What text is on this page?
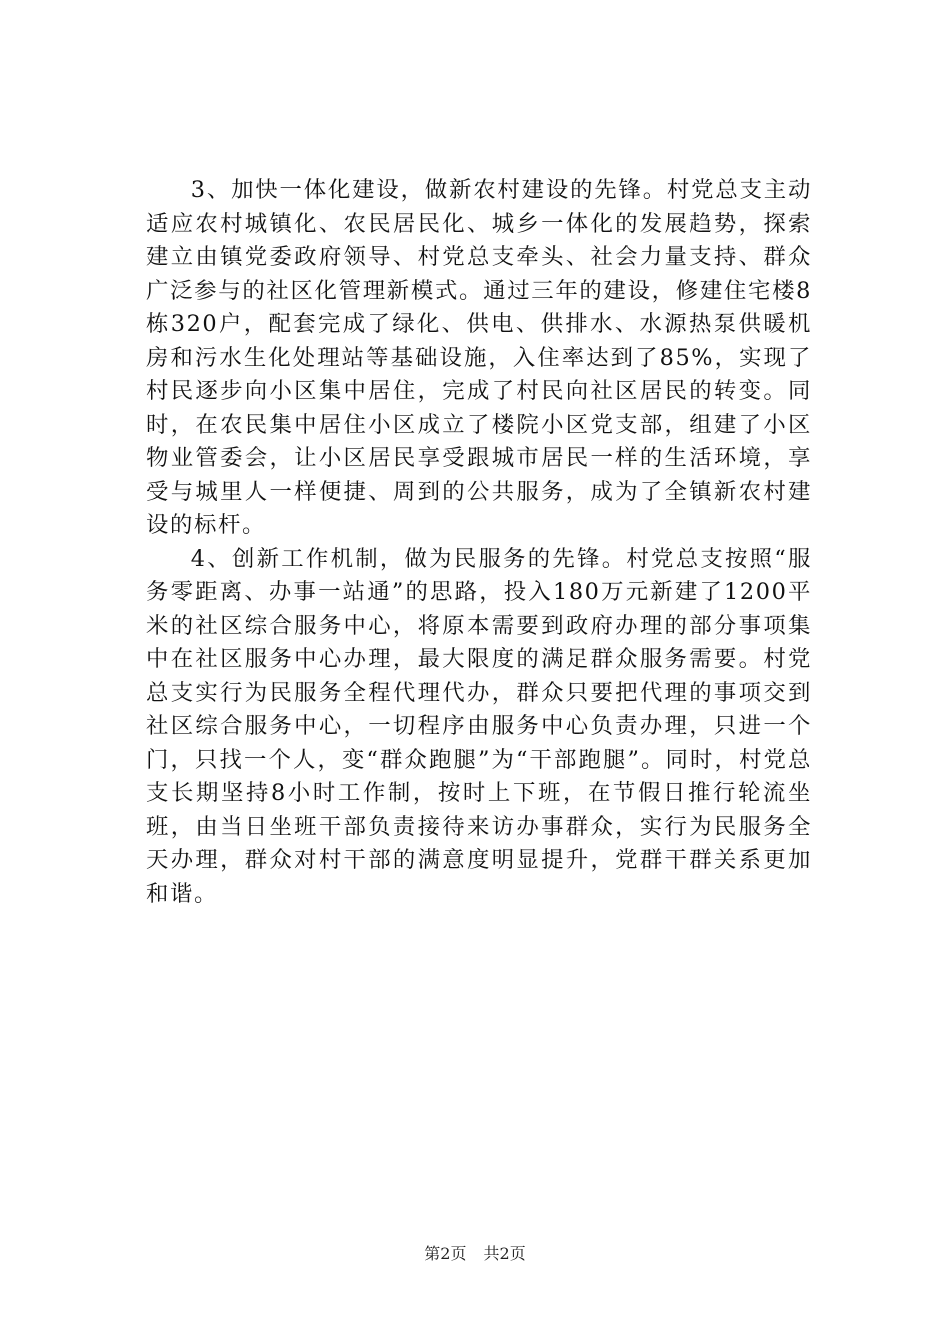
3、加快一体化建设，做新农村建设的先锋。村党总支主动适应农村城镇化、农民居民化、城乡一体化的发展趋势，探索建立由镇党委政府领导、村党总支牵头、社会力量支持、群众广泛参与的社区化管理新模式。通过三年的建设，修建住宅楼8栋320户，配套完成了绿化、供电、供排水、水源热泵供暖机房和污水生化处理站等基础设施，入住率达到了85%，实现了村民逐步向小区集中居住，完成了村民向社区居民的转变。同时，在农民集中居住小区成立了楼院小区党支部，组建了小区物业管委会，让小区居民享受跟城市居民一样的生活环境，享受与城里人一样便捷、周到的公共服务，成为了全镇新农村建设的标杆。

4、创新工作机制，做为民服务的先锋。村党总支按照“服务零距离、办事一站通”的思路，投入180万元新建了1200平米的社区综合服务中心，将原本需要到政府办理的部分事项集中在社区服务中心办理，最大限度的满足群众服务需要。村党总支实行为民服务全程代理代办，群众只要把代理的事项交到社区综合服务中心，一切程序由服务中心负责办理，只进一个门，只找一个人，变“群众跑腿”为“干部跑腿”。同时，村党总支长期坚持8小时工作制，按时上下班，在节假日推行轮流坐班，由当日坐班干部负责接待来访办事群众，实行为民服务全天办理，群众对村干部的满意度明显提升，党群干群关系更加和谐。

第2页 共2页
